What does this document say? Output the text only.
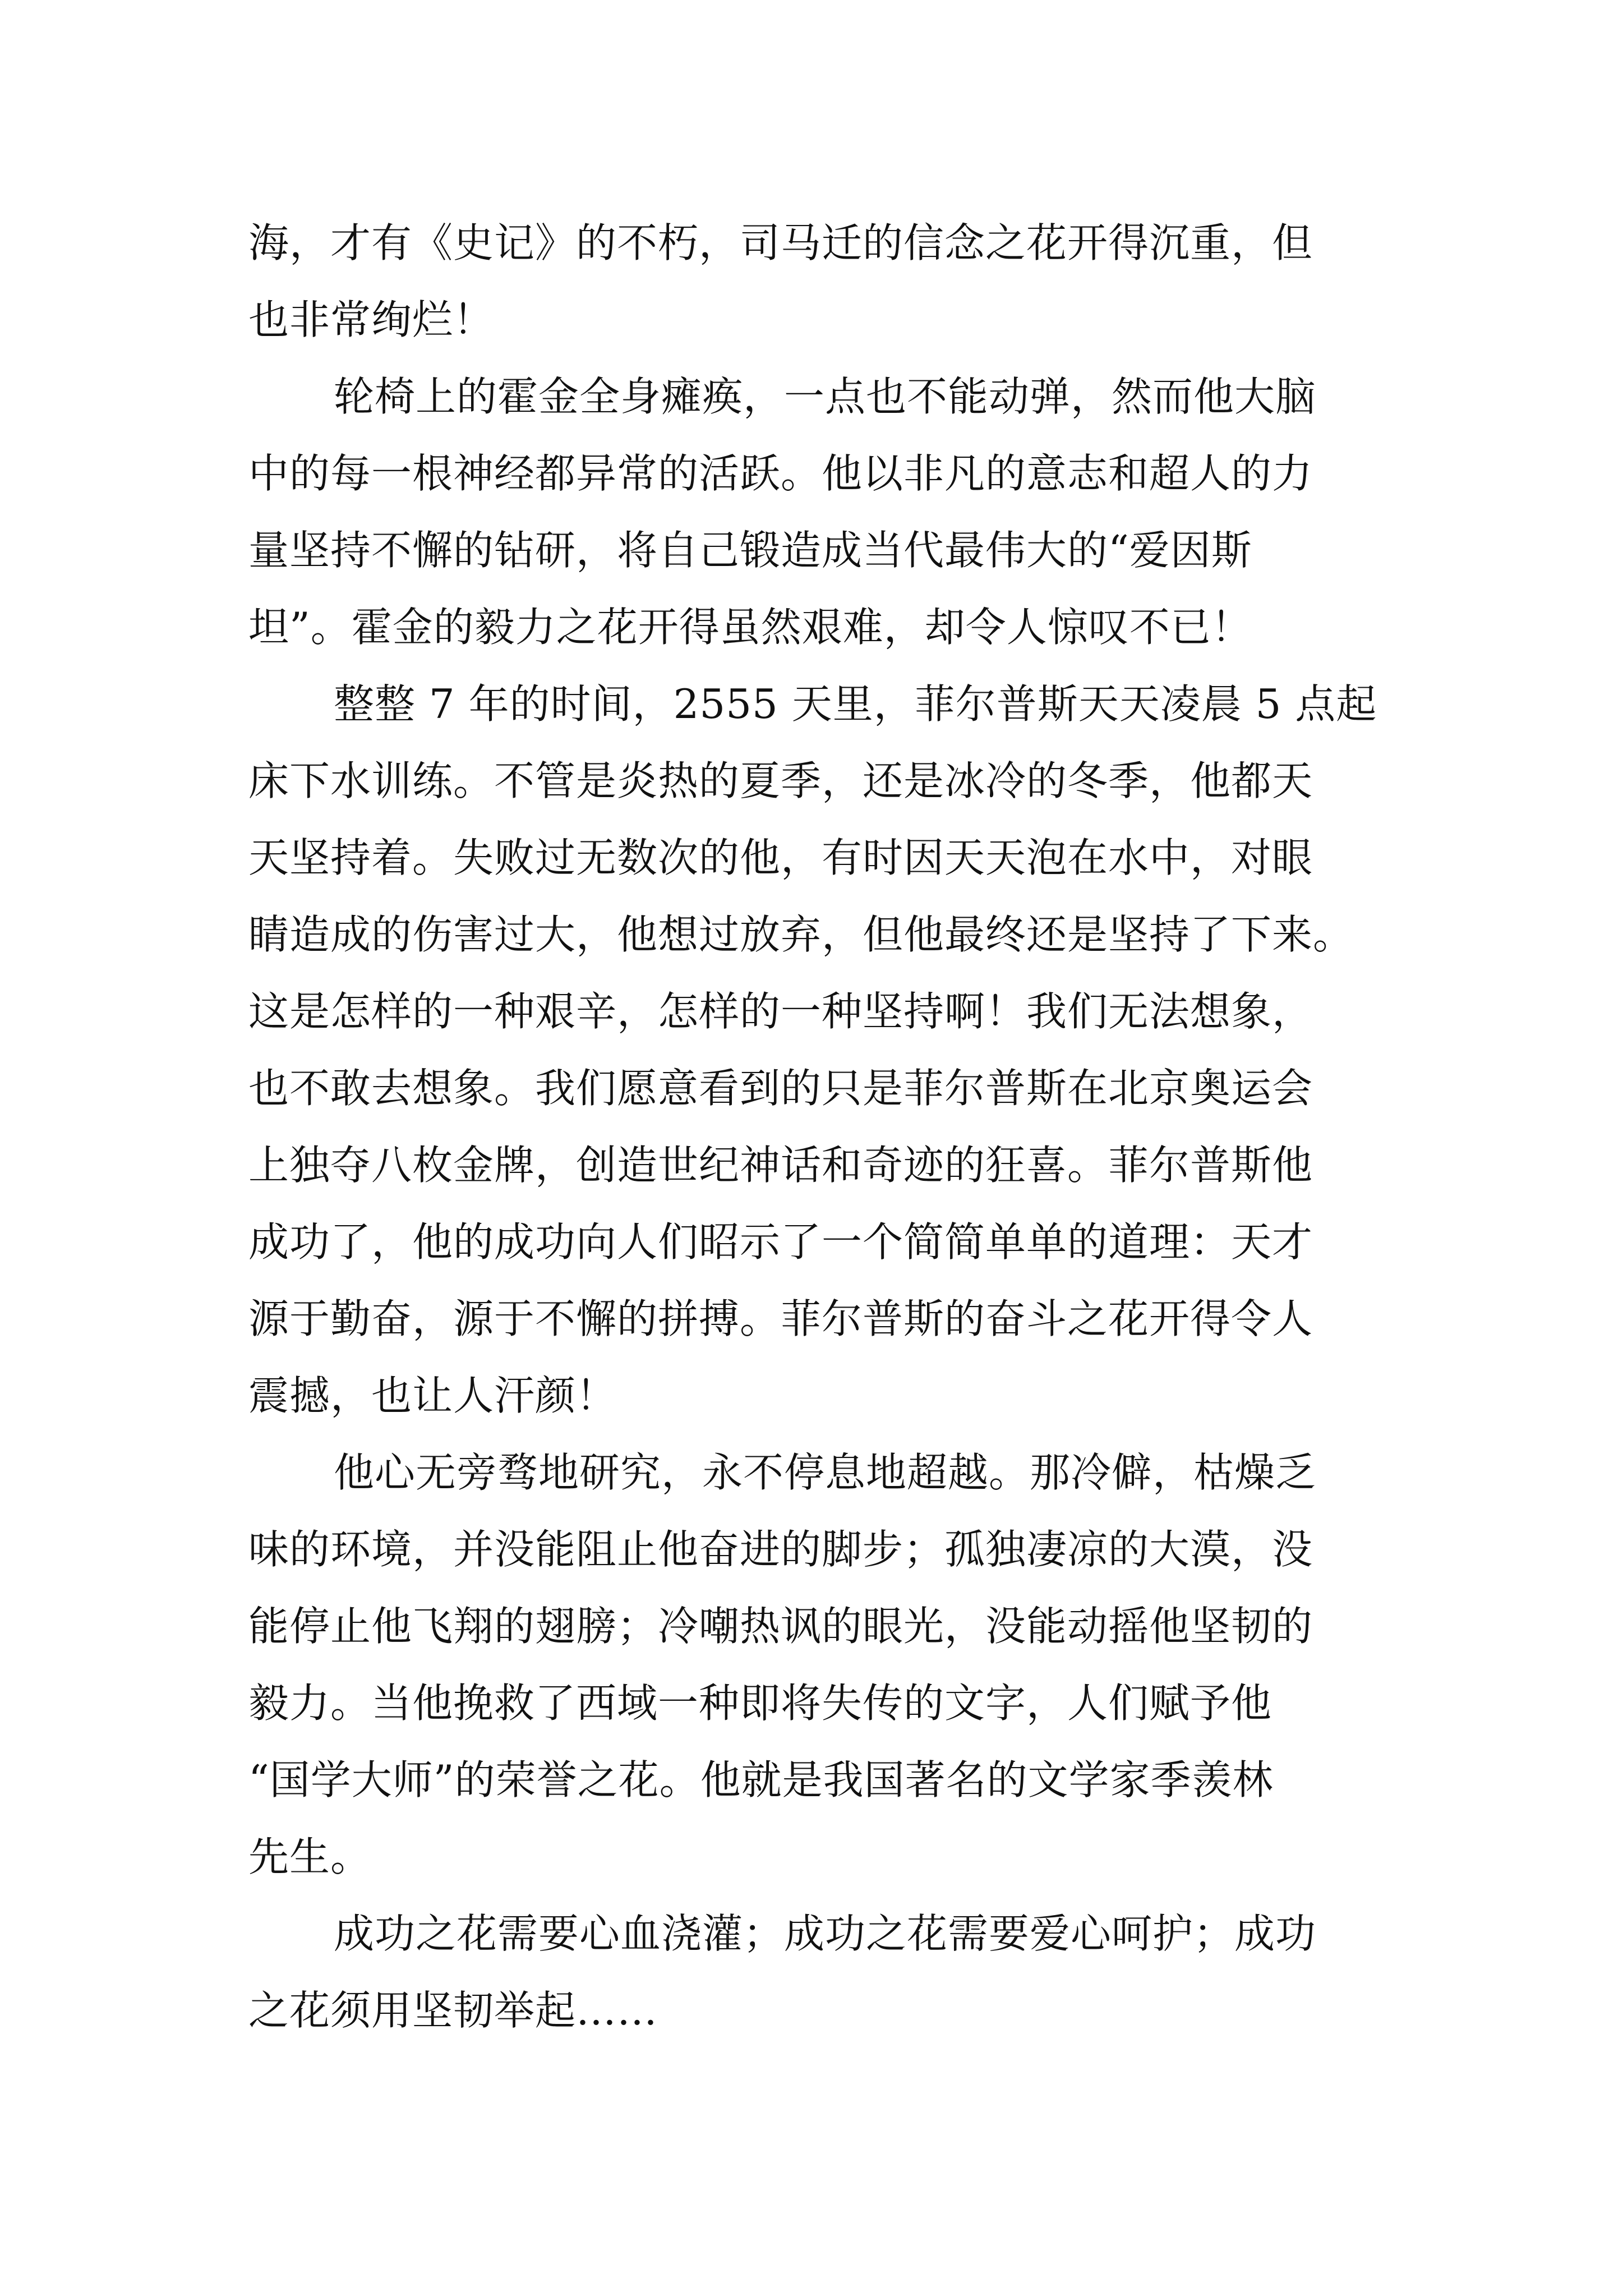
海，才有《史记》的不朽，司马迁的信念之花开得沉重，但
也非常绚烂！
轮椅上的霍金全身瘫痪，一点也不能动弹，然而他大脑
中的每一根神经都异常的活跃。他以非凡的意志和超人的力
量坚持不懈的钻研，将自己锻造成当代最伟大的“爱因斯
坦”。霍金的毅力之花开得虽然艰难，却令人惊叹不已！
整整 7 年的时间，2555 天里，菲尔普斯天天凌晨 5 点起
床下水训练。不管是炎热的夏季，还是冰冷的冬季，他都天
天坚持着。失败过无数次的他，有时因天天泡在水中，对眼
睛造成的伤害过大，他想过放弃，但他最终还是坚持了下来。
这是怎样的一种艰辛，怎样的一种坚持啊！我们无法想象，
也不敢去想象。我们愿意看到的只是菲尔普斯在北京奥运会
上独夺八枚金牌，创造世纪神话和奇迹的狂喜。菲尔普斯他
成功了，他的成功向人们昭示了一个简简单单的道理：天才
源于勤奋，源于不懈的拼搏。菲尔普斯的奋斗之花开得令人
震撼，也让人汗颜！
他心无旁骛地研究，永不停息地超越。那冷僻，枯燥乏
味的环境，并没能阻止他奋进的脚步；孤独凄凉的大漠，没
能停止他飞翔的翅膀；冷嘲热讽的眼光，没能动摇他坚韧的
毅力。当他挽救了西域一种即将失传的文字，人们赋予他
“国学大师”的荣誉之花。他就是我国著名的文学家季羡林
先生。
成功之花需要心血浇灌；成功之花需要爱心呵护；成功
之花须用坚韧举起……
